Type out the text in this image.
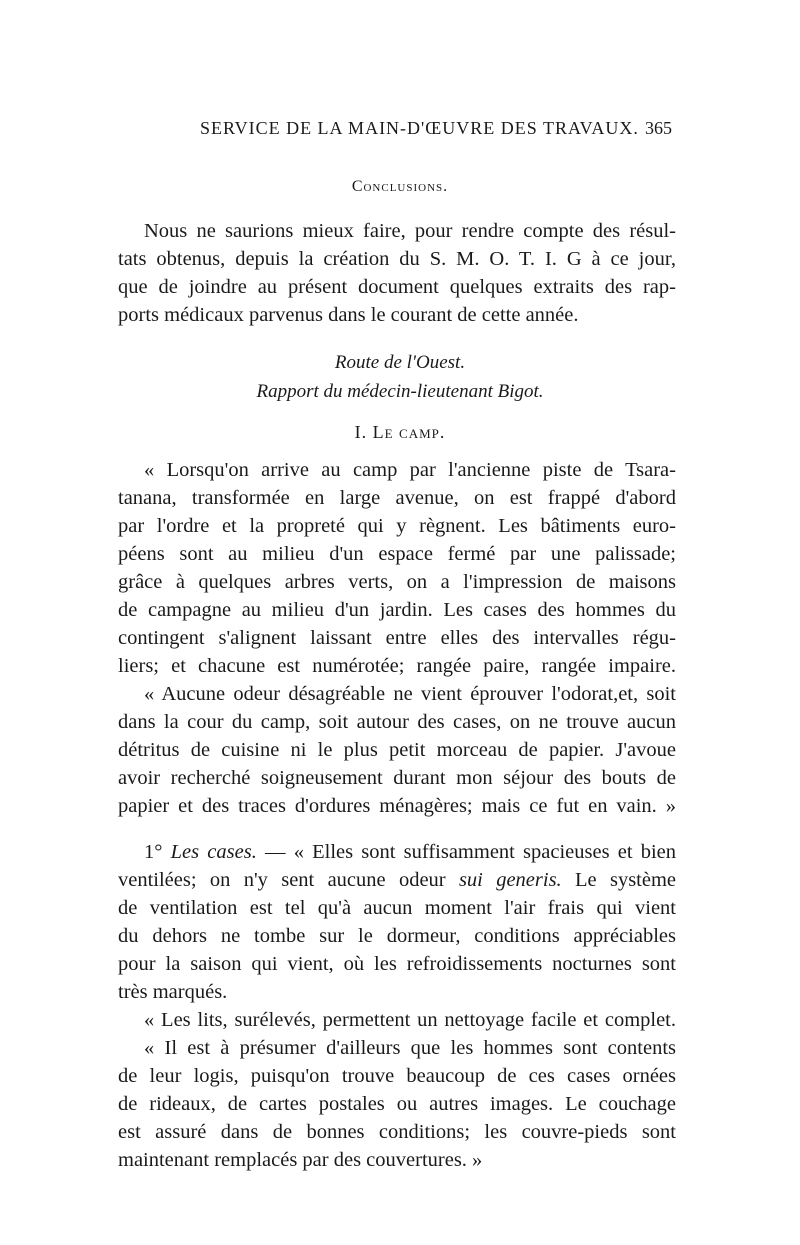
SERVICE DE LA MAIN-D'ŒUVRE DES TRAVAUX. 365
Conclusions.
Nous ne saurions mieux faire, pour rendre compte des résul-
tats obtenus, depuis la création du S. M. O. T. I. G à ce jour,
que de joindre au présent document quelques extraits des rap-
ports médicaux parvenus dans le courant de cette année.
Route de l'Ouest.
Rapport du médecin-lieutenant Bigot.
I. Le camp.
« Lorsqu'on arrive au camp par l'ancienne piste de Tsara-
tanana, transformée en large avenue, on est frappé d'abord
par l'ordre et la propreté qui y règnent. Les bâtiments euro-
péens sont au milieu d'un espace fermé par une palissade;
grâce à quelques arbres verts, on a l'impression de maisons
de campagne au milieu d'un jardin. Les cases des hommes du
contingent s'alignent laissant entre elles des intervalles régu-
liers; et chacune est numérotée; rangée paire, rangée impaire.
« Aucune odeur désagréable ne vient éprouver l'odorat,et, soit
dans la cour du camp, soit autour des cases, on ne trouve aucun
détritus de cuisine ni le plus petit morceau de papier. J'avoue
avoir recherché soigneusement durant mon séjour des bouts de
papier et des traces d'ordures ménagères; mais ce fut en vain. »
1° Les cases. — « Elles sont suffisamment spacieuses et bien
ventilées; on n'y sent aucune odeur sui generis. Le système
de ventilation est tel qu'à aucun moment l'air frais qui vient
du dehors ne tombe sur le dormeur, conditions appréciables
pour la saison qui vient, où les refroidissements nocturnes sont
très marqués.
« Les lits, surélevés, permettent un nettoyage facile et complet.
« Il est à présumer d'ailleurs que les hommes sont contents
de leur logis, puisqu'on trouve beaucoup de ces cases ornées
de rideaux, de cartes postales ou autres images. Le couchage
est assuré dans de bonnes conditions; les couvre-pieds sont
maintenant remplacés par des couvertures. »
